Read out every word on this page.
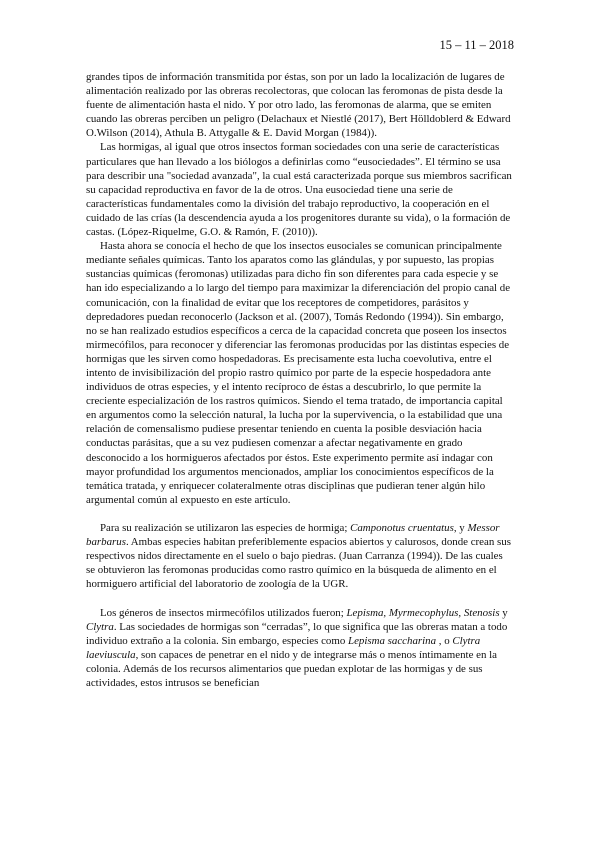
15 – 11 – 2018

grandes tipos de información transmitida por éstas, son por un lado la localización de lugares de alimentación realizado por las obreras recolectoras, que colocan las feromonas de pista desde la fuente de alimentación hasta el nido. Y por otro lado, las feromonas de alarma, que se emiten cuando las obreras perciben un peligro (Delachaux et Niestlé (2017), Bert Hölldoblerd & Edward O.Wilson (2014), Athula B. Attygalle & E. David Morgan (1984)).

Las hormigas, al igual que otros insectos forman sociedades con una serie de características particulares que han llevado a los biólogos a definirlas como “eusociedades”. El término se usa para describir una "sociedad avanzada", la cual está caracterizada porque sus miembros sacrifican su capacidad reproductiva en favor de la de otros. Una eusociedad tiene una serie de características fundamentales como la división del trabajo reproductivo, la cooperación en el cuidado de las crías (la descendencia ayuda a los progenitores durante su vida), o la formación de castas. (López-Riquelme, G.O. & Ramón, F. (2010)).

Hasta ahora se conocía el hecho de que los insectos eusociales se comunican principalmente mediante señales químicas. Tanto los aparatos como las glándulas, y por supuesto, las propias sustancias químicas (feromonas) utilizadas para dicho fin son diferentes para cada especie y se han ido especializando a lo largo del tiempo para maximizar la diferenciación del propio canal de comunicación, con la finalidad de evitar que los receptores de competidores, parásitos y depredadores puedan reconocerlo (Jackson et al. (2007), Tomás Redondo (1994)). Sin embargo, no se han realizado estudios específicos a cerca de la capacidad concreta que poseen los insectos mirmecófilos, para reconocer y diferenciar las feromonas producidas por las distintas especies de hormigas que les sirven como hospedadoras. Es precisamente esta lucha coevolutiva, entre el intento de invisibilización del propio rastro químico por parte de la especie hospedadora ante individuos de otras especies, y el intento recíproco de éstas a descubrirlo, lo que permite la creciente especialización de los rastros químicos. Siendo el tema tratado, de importancia capital en argumentos como la selección natural, la lucha por la supervivencia, o la estabilidad que una relación de comensalismo pudiese presentar teniendo en cuenta la posible desviación hacia conductas parásitas, que a su vez pudiesen comenzar a afectar negativamente en grado desconocido a los hormigueros afectados por éstos. Este experimento permite así indagar con mayor profundidad los argumentos mencionados, ampliar los conocimientos específicos de la temática tratada, y enriquecer colateralmente otras disciplinas que pudieran tener algún hilo argumental común al expuesto en este artículo.

Para su realización se utilizaron las especies de hormiga; Camponotus cruentatus, y Messor barbarus. Ambas especies habitan preferiblemente espacios abiertos y calurosos, donde crean sus respectivos nidos directamente en el suelo o bajo piedras. (Juan Carranza (1994)). De las cuales se obtuvieron las feromonas producidas como rastro químico en la búsqueda de alimento en el hormiguero artificial del laboratorio de zoología de la UGR.

Los géneros de insectos mirmecófilos utilizados fueron; Lepisma, Myrmecophylus, Stenosis y Clytra. Las sociedades de hormigas son “cerradas”, lo que significa que las obreras matan a todo individuo extraño a la colonia. Sin embargo, especies como Lepisma saccharina , o Clytra laeviuscula, son capaces de penetrar en el nido y de integrarse más o menos íntimamente en la colonia. Además de los recursos alimentarios que puedan explotar de las hormigas y de sus actividades, estos intrusos se benefician
